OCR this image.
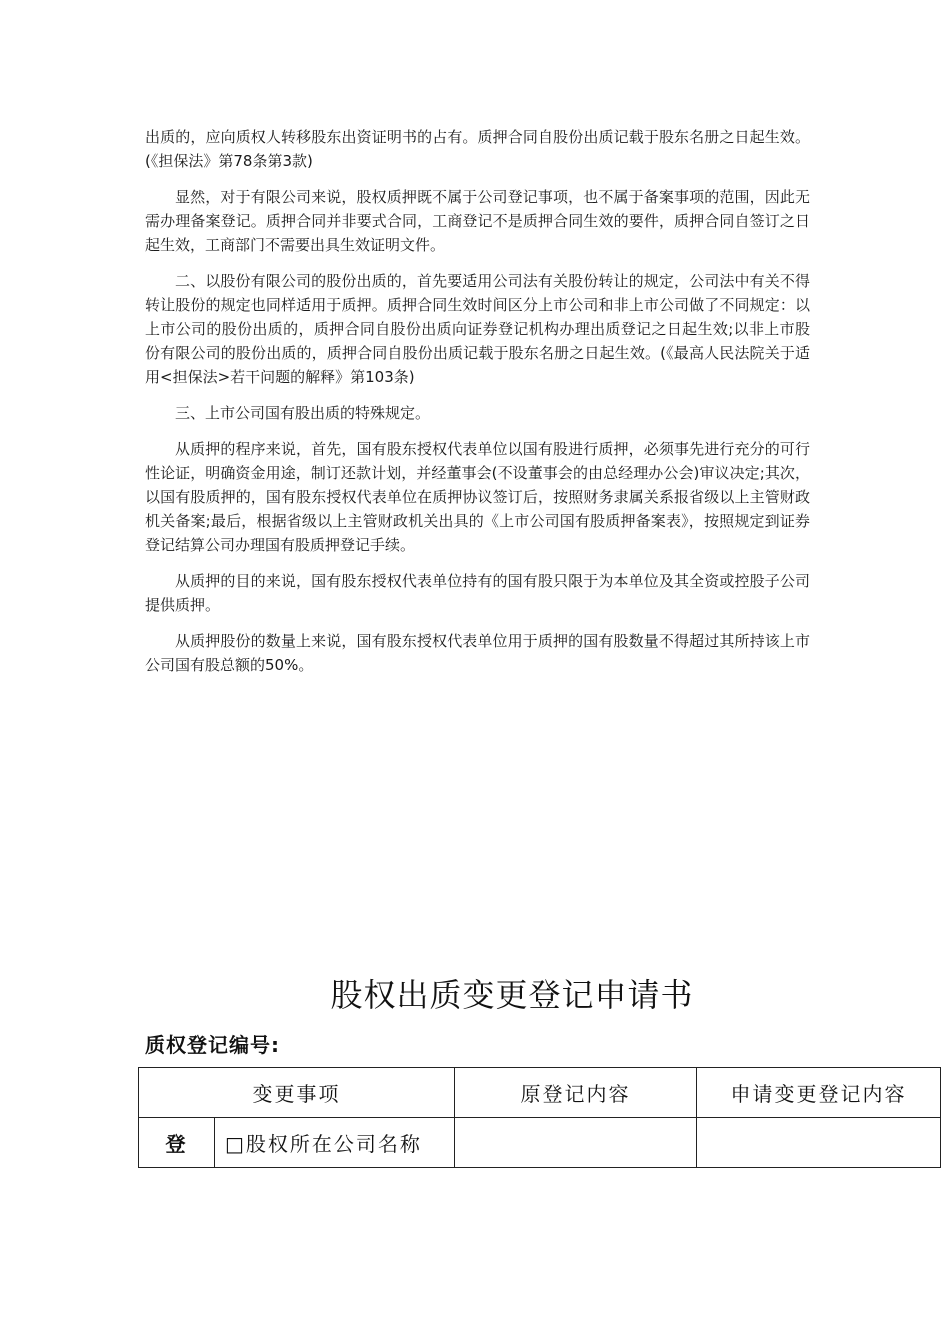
出质的，应向质权人转移股东出资证明书的占有。质押合同自股份出质记载于股东名册之日起生效。(《担保法》第78条第3款)

显然，对于有限公司来说，股权质押既不属于公司登记事项，也不属于备案事项的范围，因此无需办理备案登记。质押合同并非要式合同，工商登记不是质押合同生效的要件，质押合同自签订之日起生效，工商部门不需要出具生效证明文件。

二、以股份有限公司的股份出质的，首先要适用公司法有关股份转让的规定，公司法中有关不得转让股份的规定也同样适用于质押。质押合同生效时间区分上市公司和非上市公司做了不同规定：以上市公司的股份出质的，质押合同自股份出质向证券登记机构办理出质登记之日起生效;以非上市股份有限公司的股份出质的，质押合同自股份出质记载于股东名册之日起生效。(《最高人民法院关于适用<担保法>若干问题的解释》第103条)

三、上市公司国有股出质的特殊规定。

从质押的程序来说，首先，国有股东授权代表单位以国有股进行质押，必须事先进行充分的可行性论证，明确资金用途，制订还款计划，并经董事会(不设董事会的由总经理办公会)审议决定;其次，以国有股质押的，国有股东授权代表单位在质押协议签订后，按照财务隶属关系报省级以上主管财政机关备案;最后，根据省级以上主管财政机关出具的《上市公司国有股质押备案表》，按照规定到证券登记结算公司办理国有股质押登记手续。

从质押的目的来说，国有股东授权代表单位持有的国有股只限于为本单位及其全资或控股子公司提供质押。

从质押股份的数量上来说，国有股东授权代表单位用于质押的国有股数量不得超过其所持该上市公司国有股总额的50%。

股权出质变更登记申请书
质权登记编号:
变更事项		原登记内容	申请变更登记内容
登	□股权所在公司名称		
